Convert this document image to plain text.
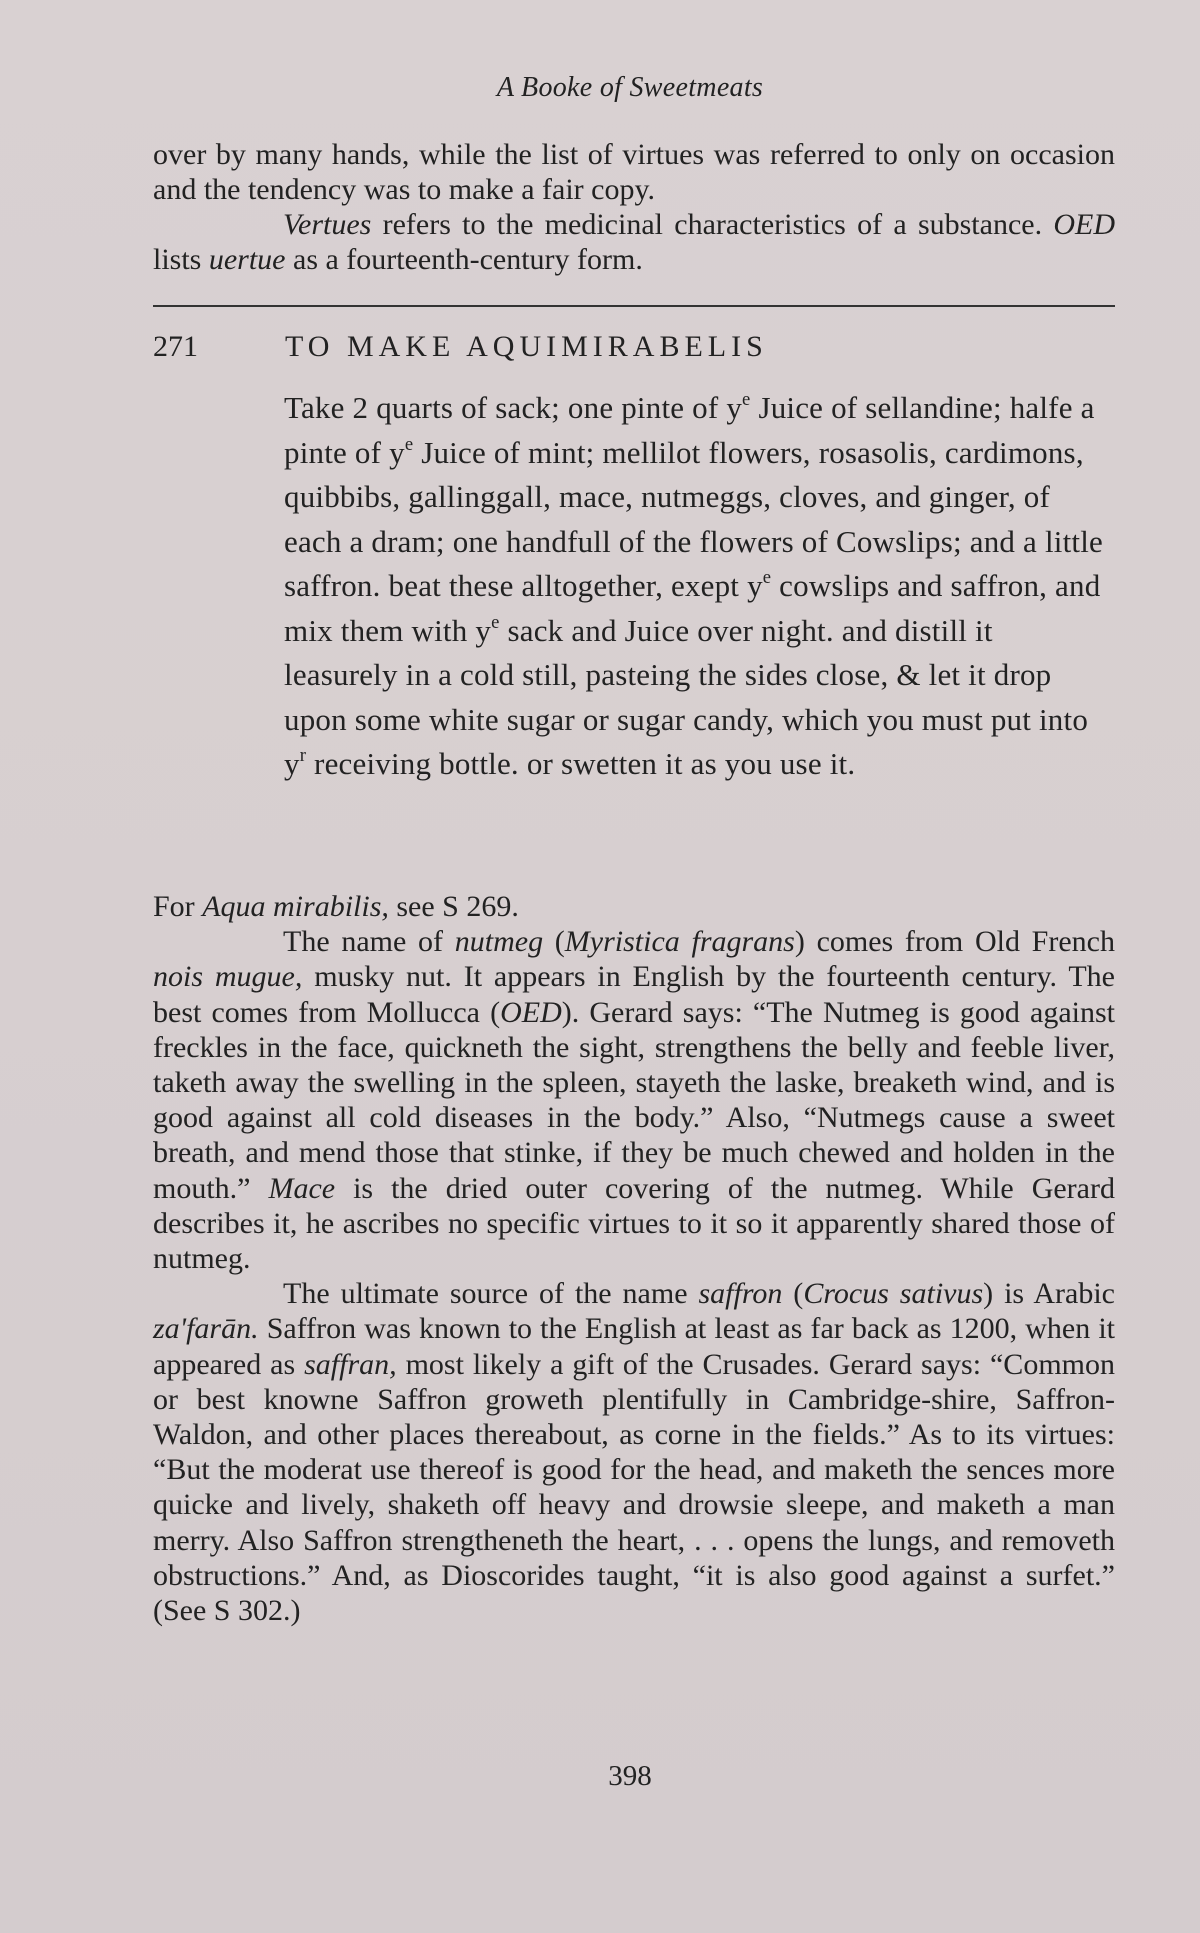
A Booke of Sweetmeats

over by many hands, while the list of virtues was referred to only on occasion and the tendency was to make a fair copy.

Vertues refers to the medicinal characteristics of a substance. OED lists uertue as a fourteenth-century form.

271	TO MAKE AQUIMIRABELIS

Take 2 quarts of sack; one pinte of $y^e$ Juice of sellandine; halfe a pinte of $y^e$ Juice of mint; mellilot flowers, rosasolis, cardimons, quibbibs, gallinggall, mace, nutmeggs, cloves, and ginger, of each a dram; one handfull of the flowers of Cowslips; and a little saffron. beat these alltogether, exept $y^e$ cowslips and saffron, and mix them with $y^e$ sack and Juice over night. and distill it leasurely in a cold still, pasteing the sides close, & let it drop upon some white sugar or sugar candy, which you must put into $y^r$ receiving bottle. or swetten it as you use it.

For Aqua mirabilis, see S 269.

The name of nutmeg (Myristica fragrans) comes from Old French nois mugue, musky nut. It appears in English by the fourteenth century. The best comes from Mollucca (OED). Gerard says: “The Nutmeg is good against freckles in the face, quickneth the sight, strengthens the belly and feeble liver, taketh away the swelling in the spleen, stayeth the laske, breaketh wind, and is good against all cold diseases in the body.” Also, “Nutmegs cause a sweet breath, and mend those that stinke, if they be much chewed and holden in the mouth.” Mace is the dried outer covering of the nutmeg. While Gerard describes it, he ascribes no specific virtues to it so it apparently shared those of nutmeg.

The ultimate source of the name saffron (Crocus sativus) is Arabic za'farān. Saffron was known to the English at least as far back as 1200, when it appeared as saffran, most likely a gift of the Crusades. Gerard says: “Common or best knowne Saffron groweth plentifully in Cambridge-shire, Saffron-Waldon, and other places thereabout, as corne in the fields.” As to its virtues: “But the moderat use thereof is good for the head, and maketh the sences more quicke and lively, shaketh off heavy and drowsie sleepe, and maketh a man merry. Also Saffron strengtheneth the heart, . . . opens the lungs, and removeth obstructions.” And, as Dioscorides taught, “it is also good against a surfet.” (See S 302.)

398
